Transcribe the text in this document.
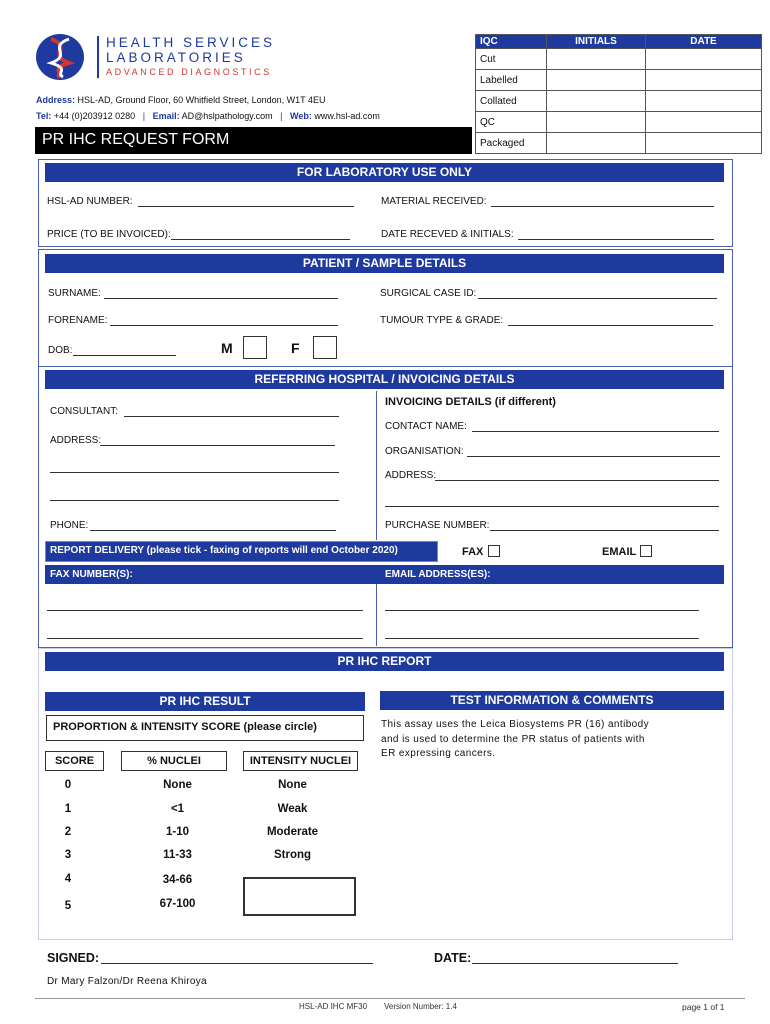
HEALTH SERVICES
LABORATORIES
ADVANCED DIAGNOSTICS
Address: HSL-AD, Ground Floor, 60 Whitfield Street, London, W1T 4EU
Tel: +44 (0)203912 0280 | Email: AD@hslpathology.com | Web: www.hsl-ad.com
PR IHC REQUEST FORM
IQC	INITIALS	DATE
Cut		
Labelled		
Collated		
QC		
Packaged		
FOR LABORATORY USE ONLY
HSL-AD NUMBER:	MATERIAL RECEIVED:
PRICE (TO BE INVOICED):	DATE RECEVED & INITIALS:
PATIENT / SAMPLE DETAILS
SURNAME:	SURGICAL CASE ID:
FORENAME:	TUMOUR TYPE & GRADE:
DOB:	M	F
REFERRING HOSPITAL / INVOICING DETAILS
CONSULTANT:
ADDRESS:
PHONE:
INVOICING DETAILS (if different)
CONTACT NAME:
ORGANISATION:
ADDRESS:
PURCHASE NUMBER:
REPORT DELIVERY (please tick - faxing of reports will end October 2020)	FAX	EMAIL
FAX NUMBER(S):	EMAIL ADDRESS(ES):
PR IHC REPORT
PR IHC RESULT	TEST INFORMATION & COMMENTS
PROPORTION & INTENSITY SCORE (please circle)
SCORE	% NUCLEI	INTENSITY NUCLEI
0	None	None
1	<1	Weak
2	1-10	Moderate
3	11-33	Strong
4	34-66
5	67-100
This assay uses the Leica Biosystems PR (16) antibody
and is used to determine the PR status of patients with
ER expressing cancers.
SIGNED:	DATE:
Dr Mary Falzon/Dr Reena Khiroya
HSL-AD IHC MF30 Version Number: 1.4	page 1 of 1
